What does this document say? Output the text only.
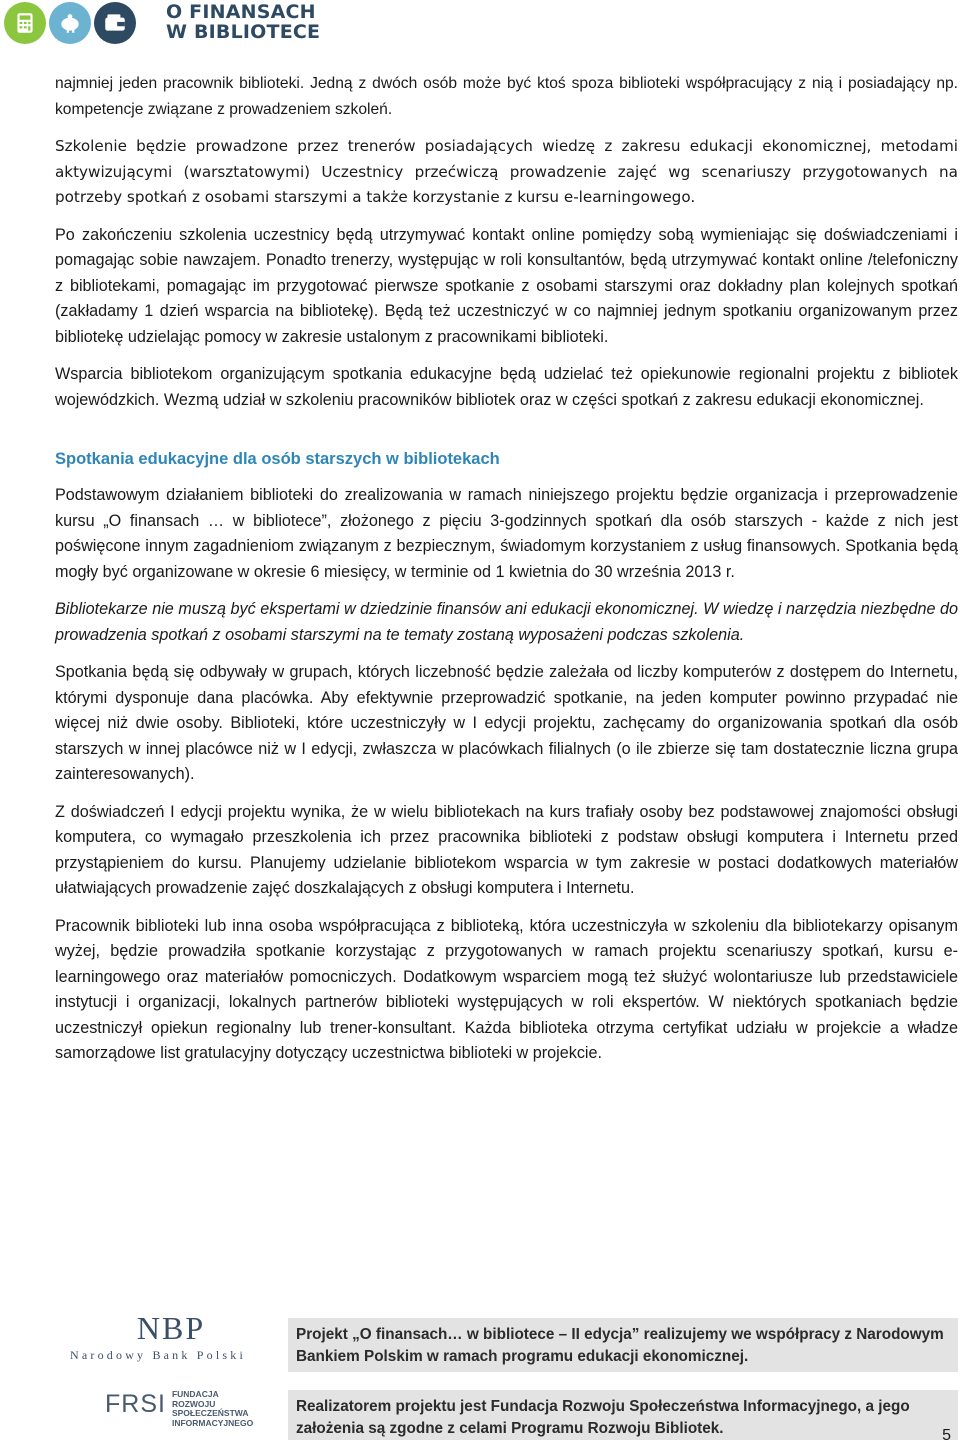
O FINANSACH
W BIBLIOTECE

najmniej jeden pracownik biblioteki. Jedną z dwóch osób może być ktoś spoza biblioteki współpracujący z nią i posiadający np. kompetencje związane z prowadzeniem szkoleń.

Szkolenie będzie prowadzone przez trenerów posiadających wiedzę z zakresu edukacji ekonomicznej, metodami aktywizującymi (warsztatowymi) Uczestnicy przećwiczą prowadzenie zajęć wg scenariuszy przygotowanych na potrzeby spotkań z osobami starszymi a także korzystanie z kursu e-learningowego.

Po zakończeniu szkolenia uczestnicy będą utrzymywać kontakt online pomiędzy sobą wymieniając się doświadczeniami i pomagając sobie nawzajem. Ponadto trenerzy, występując w roli konsultantów, będą utrzymywać kontakt online /telefoniczny z bibliotekami, pomagając im przygotować pierwsze spotkanie z osobami starszymi oraz dokładny plan kolejnych spotkań (zakładamy 1 dzień wsparcia na bibliotekę). Będą też uczestniczyć w co najmniej jednym spotkaniu organizowanym przez bibliotekę udzielając pomocy w zakresie ustalonym z pracownikami biblioteki.

Wsparcia bibliotekom organizującym spotkania edukacyjne będą udzielać też opiekunowie regionalni projektu z bibliotek wojewódzkich. Wezmą udział w szkoleniu pracowników bibliotek oraz w części spotkań z zakresu edukacji ekonomicznej.

Spotkania edukacyjne dla osób starszych w bibliotekach

Podstawowym działaniem biblioteki do zrealizowania w ramach niniejszego projektu będzie organizacja i przeprowadzenie kursu „O finansach … w bibliotece”, złożonego z pięciu 3-godzinnych spotkań dla osób starszych - każde z nich jest poświęcone innym zagadnieniom związanym z bezpiecznym, świadomym korzystaniem z usług finansowych. Spotkania będą mogły być organizowane w okresie 6 miesięcy, w terminie od 1 kwietnia do 30 września 2013 r.

Bibliotekarze nie muszą być ekspertami w dziedzinie finansów ani edukacji ekonomicznej. W wiedzę i narzędzia niezbędne do prowadzenia spotkań z osobami starszymi na te tematy zostaną wyposażeni podczas szkolenia.

Spotkania będą się odbywały w grupach, których liczebność będzie zależała od liczby komputerów z dostępem do Internetu, którymi dysponuje dana placówka. Aby efektywnie przeprowadzić spotkanie, na jeden komputer powinno przypadać nie więcej niż dwie osoby. Biblioteki, które uczestniczyły w I edycji projektu, zachęcamy do organizowania spotkań dla osób starszych w innej placówce niż w I edycji, zwłaszcza w placówkach filialnych (o ile zbierze się tam dostatecznie liczna grupa zainteresowanych).

Z doświadczeń I edycji projektu wynika, że w wielu bibliotekach na kurs trafiały osoby bez podstawowej znajomości obsługi komputera, co wymagało przeszkolenia ich przez pracownika biblioteki z podstaw obsługi komputera i Internetu przed przystąpieniem do kursu. Planujemy udzielanie bibliotekom wsparcia w tym zakresie w postaci dodatkowych materiałów ułatwiających prowadzenie zajęć doszkalających z obsługi komputera i Internetu.

Pracownik biblioteki lub inna osoba współpracująca z biblioteką, która uczestniczyła w szkoleniu dla bibliotekarzy opisanym wyżej, będzie prowadziła spotkanie korzystając z przygotowanych w ramach projektu scenariuszy spotkań, kursu e-learningowego oraz materiałów pomocniczych. Dodatkowym wsparciem mogą też służyć wolontariusze lub przedstawiciele instytucji i organizacji, lokalnych partnerów biblioteki występujących w roli ekspertów. W niektórych spotkaniach będzie uczestniczył opiekun regionalny lub trener-konsultant. Każda biblioteka otrzyma certyfikat udziału w projekcie a władze samorządowe list gratulacyjny dotyczący uczestnictwa biblioteki w projekcie.

NBP
Narodowy Bank Polski
FRSI FUNDACJA ROZWOJU SPOŁECZEŃSTWA INFORMACYJNEGO
Projekt „O finansach… w bibliotece – II edycja” realizujemy we współpracy z Narodowym Bankiem Polskim w ramach programu edukacji ekonomicznej.
Realizatorem projektu jest Fundacja Rozwoju Społeczeństwa Informacyjnego, a jego założenia są zgodne z celami Programu Rozwoju Bibliotek.	5
